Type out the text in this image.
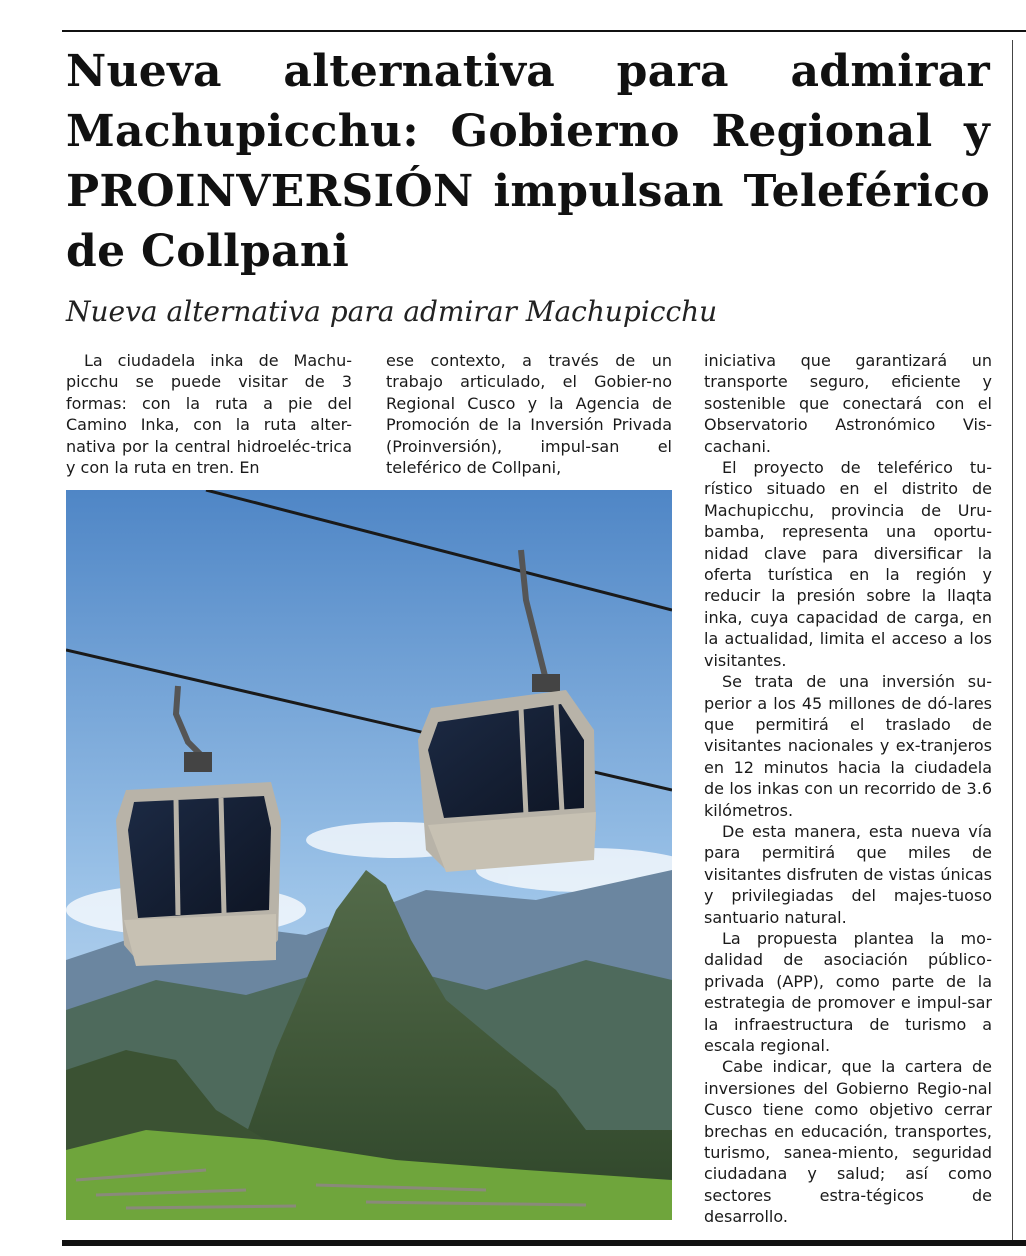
Nueva alternativa para admirar Machupicchu: Gobierno Regional y PROINVERSIÓN impulsan Teleférico de Collpani
Nueva alternativa para admirar Machupicchu

La ciudadela inka de Machu-picchu se puede visitar de 3 formas: con la ruta a pie del Camino Inka, con la ruta alter-nativa por la central hidroeléc-trica y con la ruta en tren. En

ese contexto, a través de un trabajo articulado, el Gobier-no Regional Cusco y la Agencia de Promoción de la Inversión Privada (Proinversión), impul-san el teleférico de Collpani,

iniciativa que garantizará un transporte seguro, eficiente y sostenible que conectará con el Observatorio Astronómico Vis-cachani.

El proyecto de teleférico tu-rístico situado en el distrito de Machupicchu, provincia de Uru-bamba, representa una oportu-nidad clave para diversificar la oferta turística en la región y reducir la presión sobre la llaqta inka, cuya capacidad de carga, en la actualidad, limita el acceso a los visitantes.

Se trata de una inversión su-perior a los 45 millones de dó-lares que permitirá el traslado de visitantes nacionales y ex-tranjeros en 12 minutos hacia la ciudadela de los inkas con un recorrido de 3.6 kilómetros.

De esta manera, esta nueva vía para permitirá que miles de visitantes disfruten de vistas únicas y privilegiadas del majes-tuoso santuario natural.

La propuesta plantea la mo-dalidad de asociación público-privada (APP), como parte de la estrategia de promover e impul-sar la infraestructura de turismo a escala regional.

Cabe indicar, que la cartera de inversiones del Gobierno Regio-nal Cusco tiene como objetivo cerrar brechas en educación, transportes, turismo, sanea-miento, seguridad ciudadana y salud; así como sectores estra-tégicos de desarrollo.
